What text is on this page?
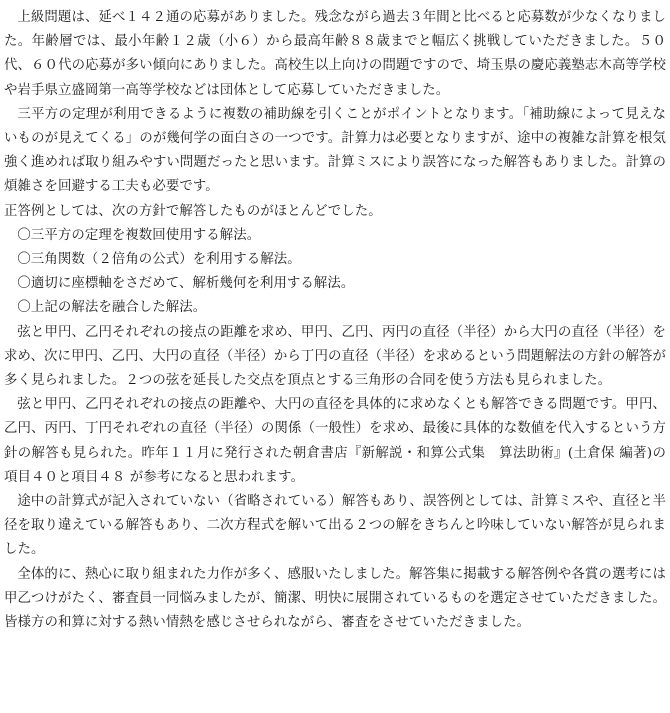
上級問題は、延べ１４２通の応募がありました。残念ながら過去３年間と比べると応募数が少なくなりました。年齢層では、最小年齢１２歳（小６）から最高年齢８８歳までと幅広く挑戦していただきました。５０代、６０代の応募が多い傾向にありました。高校生以上向けの問題ですので、埼玉県の慶応義塾志木高等学校や岩手県立盛岡第一高等学校などは団体として応募していただきました。

三平方の定理が利用できるように複数の補助線を引くことがポイントとなります。「補助線によって見えないものが見えてくる」のが幾何学の面白さの一つです。計算力は必要となりますが、途中の複雑な計算を根気強く進めれば取り組みやすい問題だったと思います。計算ミスにより誤答になった解答もありました。計算の煩雑さを回避する工夫も必要です。

正答例としては、次の方針で解答したものがほとんどでした。

〇三平方の定理を複数回使用する解法。
〇三角関数（２倍角の公式）を利用する解法。
〇適切に座標軸をさだめて、解析幾何を利用する解法。
〇上記の解法を融合した解法。

弦と甲円、乙円それぞれの接点の距離を求め、甲円、乙円、丙円の直径（半径）から大円の直径（半径）を求め、次に甲円、乙円、大円の直径（半径）から丁円の直径（半径）を求めるという問題解法の方針の解答が多く見られました。２つの弦を延長した交点を頂点とする三角形の合同を使う方法も見られました。

弦と甲円、乙円それぞれの接点の距離や、大円の直径を具体的に求めなくとも解答できる問題です。甲円、乙円、丙円、丁円それぞれの直径（半径）の関係（一般性）を求め、最後に具体的な数値を代入するという方針の解答も見られた。昨年１１月に発行された朝倉書店『新解説・和算公式集　算法助術』(土倉保 編著)の項目４０と項目４８ が参考になると思われます。

途中の計算式が記入されていない（省略されている）解答もあり、誤答例としては、計算ミスや、直径と半径を取り違えている解答もあり、二次方程式を解いて出る２つの解をきちんと吟味していない解答が見られました。

全体的に、熱心に取り組まれた力作が多く、感服いたしました。解答集に掲載する解答例や各賞の選考には甲乙つけがたく、審査員一同悩みましたが、簡潔、明快に展開されているものを選定させていただきました。皆様方の和算に対する熱い情熱を感じさせられながら、審査をさせていただきました。
